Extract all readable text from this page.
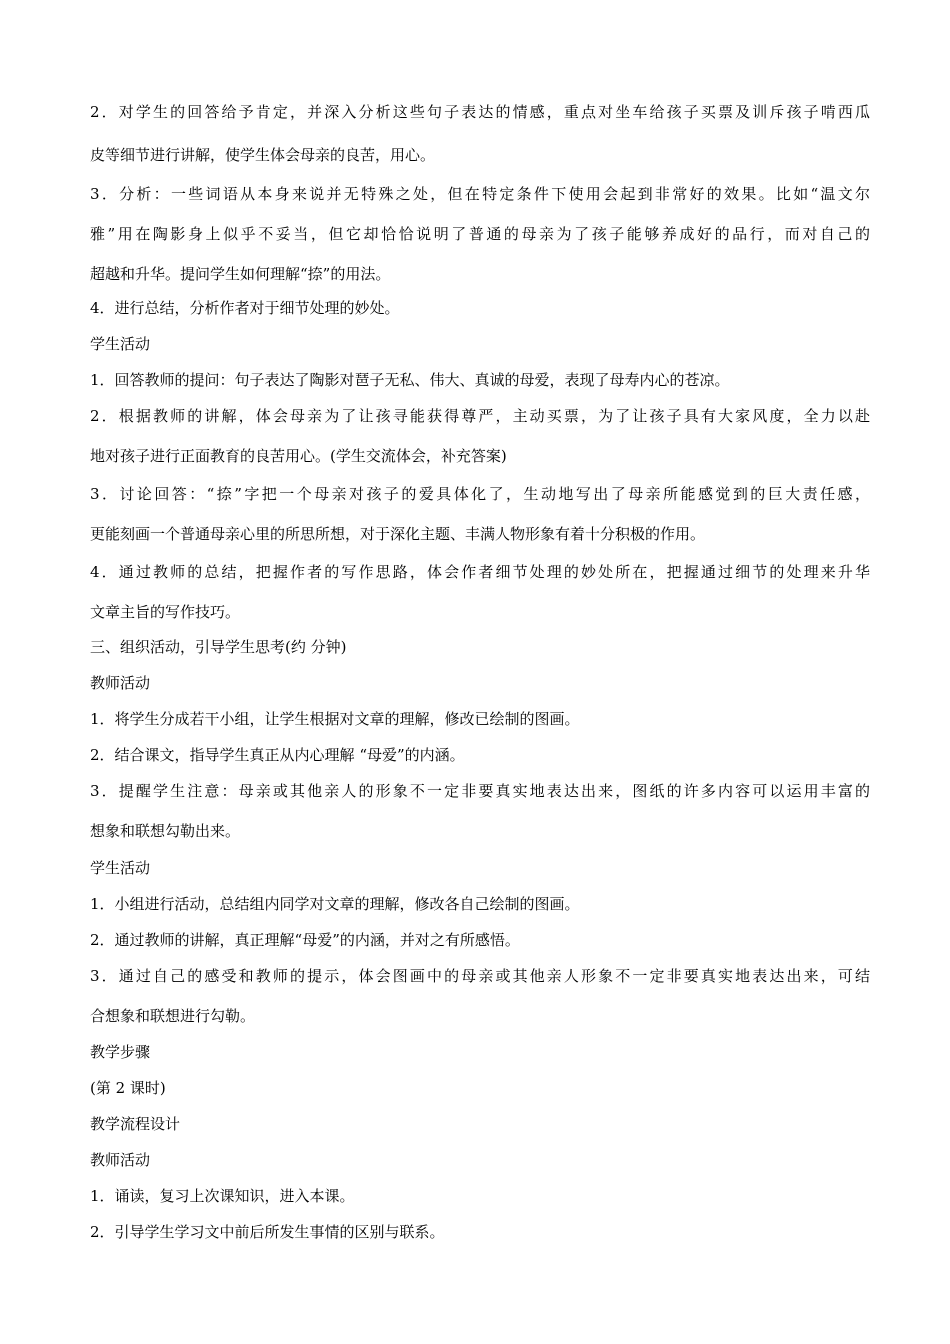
2．对学生的回答给予肯定，并深入分析这些句子表达的情感，重点对坐车给孩子买票及训斥孩子啃西瓜
皮等细节进行讲解，使学生体会母亲的良苦，用心。
3．分析：一些词语从本身来说并无特殊之处，但在特定条件下使用会起到非常好的效果。比如“温文尔
雅”用在陶影身上似乎不妥当，但它却恰恰说明了普通的母亲为了孩子能够养成好的品行，而对自己的
超越和升华。提问学生如何理解“捺”的用法。
4．进行总结，分析作者对于细节处理的妙处。
学生活动
1．回答教师的提问：句子表达了陶影对琶子无私、伟大、真诚的母爱，表现了母寿内心的苍凉。
2．根据教师的讲解，体会母亲为了让孩寻能获得尊严，主动买票，为了让孩子具有大家风度，全力以赴
地对孩子进行正面教育的良苦用心。(学生交流体会，补充答案)
3．讨论回答：“捺”字把一个母亲对孩子的爱具体化了，生动地写出了母亲所能感觉到的巨大责任感，
更能刻画一个普通母亲心里的所思所想，对于深化主题、丰满人物形象有着十分积极的作用。
4．通过教师的总结，把握作者的写作思路，体会作者细节处理的妙处所在，把握通过细节的处理来升华
文章主旨的写作技巧。
三、组织活动，引导学生思考(约 分钟)
教师活动
1．将学生分成若干小组，让学生根据对文章的理解，修改已绘制的图画。
2．结合课文，指导学生真正从内心理解 “母爱”的内涵。
3．提醒学生注意：母亲或其他亲人的形象不一定非要真实地表达出来，图纸的许多内容可以运用丰富的
想象和联想勾勒出来。
学生活动
1．小组进行活动，总结组内同学对文章的理解，修改各自己绘制的图画。
2．通过教师的讲解，真正理解“母爱”的内涵，并对之有所感悟。
3．通过自己的感受和教师的提示，体会图画中的母亲或其他亲人形象不一定非要真实地表达出来，可结
合想象和联想进行勾勒。
教学步骤
(第 2 课时)
教学流程设计
教师活动
1．诵读，复习上次课知识，进入本课。
2．引导学生学习文中前后所发生事情的区别与联系。
